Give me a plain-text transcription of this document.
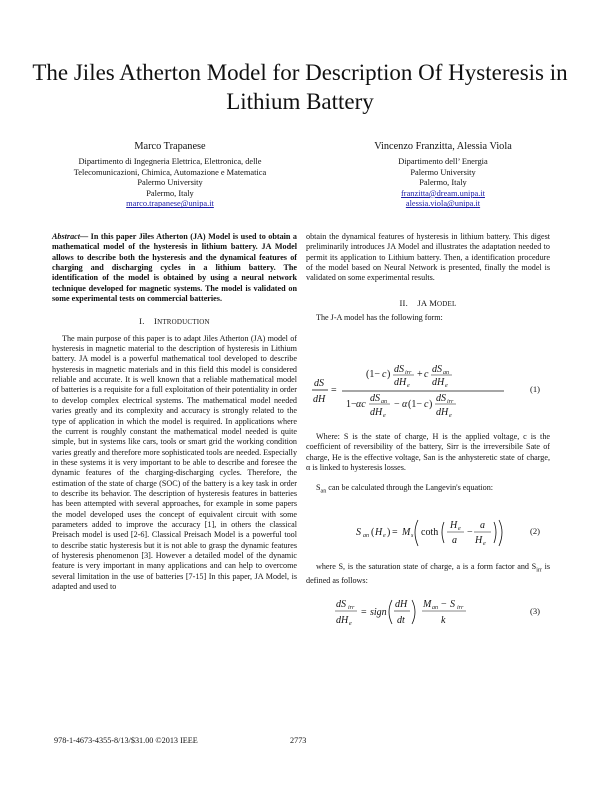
The Jiles Atherton Model for Description Of Hysteresis in Lithium Battery
Marco Trapanese
Dipartimento di Ingegneria Elettrica, Elettronica, delle
Telecomunicazioni, Chimica, Automazione e Matematica
Palermo University
Palermo, Italy
marco.trapanese@unipa.it
Vincenzo Franzitta, Alessia Viola
Dipartimento dell’ Energia
Palermo University
Palermo, Italy
franzitta@dream.unipa.it
alessia.viola@unipa.it
Abstract— In this paper Jiles Atherton (JA) Model is used to obtain a mathematical model of the hysteresis in lithium battery. JA Model allows to describe both the hysteresis and the dynamical features of charging and discharging cycles in a lithium battery. The identification of the model is obtained by using a neural network technique developed for magnetic systems. The model is validated on some experimental tests on commercial batteries.
I. INTRODUCTION

The main purpose of this paper is to adapt Jiles Atherton (JA) model of hysteresis in magnetic material to the description of hysteresis in Lithium battery. JA model is a powerful mathematical tool developed to describe hysteresis in magnetic materials and in this field this model is considered reliable and accurate. It is well known that a reliable mathematical model of batteries is a requisite for a full exploitation of their potentiality in order to develop complex electrical systems. The mathematical model needed varies greatly and its complexity and accuracy is strongly related to the type of application in which the model is required. In applications where the current is roughly constant the mathematical model needed is quite simple, but in systems like cars, tools or smart grid the working condition varies greatly and therefore more sophisticated tools are needed. Especially in these systems it is very important to be able to describe and foresee the dynamic features of the charging-discharging cycles. Therefore, the estimation of the state of charge (SOC) of the battery is a key task in order to describe its behavior. The description of hysteresis features in batteries has been attempted with several approaches, for example in some papers the model developed uses the concept of equivalent circuit with some parameters added to improve the accuracy [1], in others the classical Preisach model is used [2-6]. Classical Preisach Model is a powerful tool to describe static hysteresis but it is not able to grasp the dynamic features of hysteresis phenomenon [3]. However a detailed model of the dynamic feature is very important in many applications and can help to overcome several limitation in the use of batteries [7-15] In this paper, JA Model, is adapted and used to

obtain the dynamical features of hysteresis in lithium battery. This digest preliminarily introduces JA Model and illustrates the adaptation needed to permit its application to Lithium battery. Then, a identification procedure of the model based on Neural Network is presented, finally the model is validated on some experimental results.

II. JA MODEL

The J-A model has the following form:

dS
dH
=
(1− c ) dS irr
dH e
+ c dS an
dH e
1− αc
dS an
dH e
− α (1− c )
dS irr
dH e
(1)

Where: S is the state of charge, H is the applied voltage, c is the coefficient of reversibility of the battery, Sirr is the irreversibile Sate of charge, He is the effective voltage, San is the anhysteretic state of charge, α is linked to hysteresis losses.

$S_{an}$ can be calculated through the Langevin's equation:

S an ( H e ) = M s coth
H e
a
−
a
H e
(2)

where S, is the saturation state of charge, a is a form factor and $S_{irr}$ is defined as follows:

dS irr
dH e
= sign
dH
dt
M an − S irr
k
(3)
978-1-4673-4355-8/13/$31.00 ©2013 IEEE	2773
